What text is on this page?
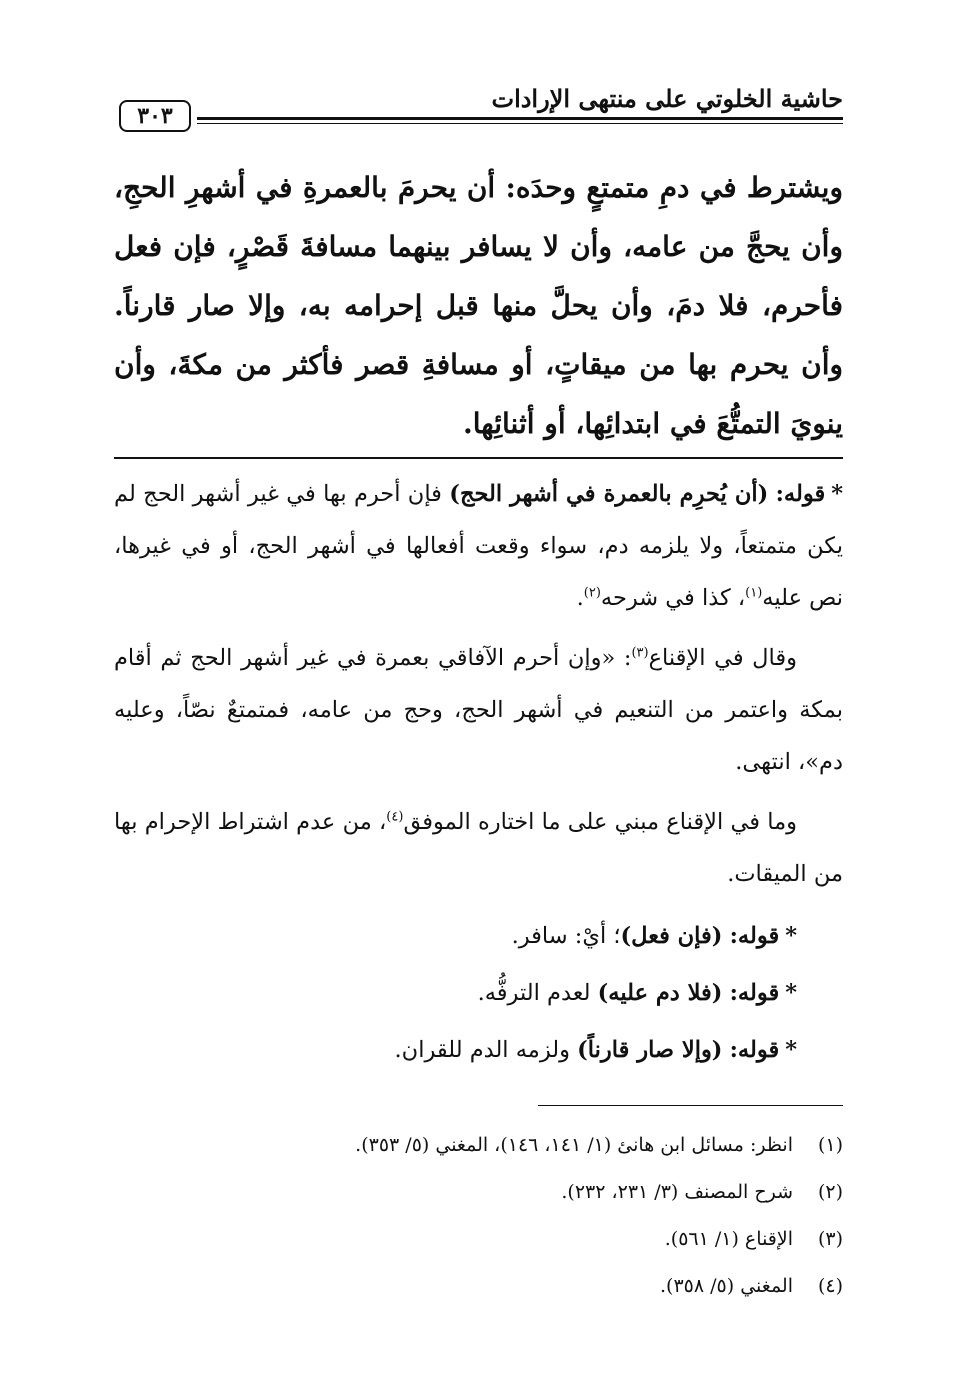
حاشية الخلوتي على منتهى الإرادات
٣٠٣

ويشترط في دمِ متمتعٍ وحدَه: أن يحرمَ بالعمرةِ في أشهرِ الحجِ، وأن يحجَّ من عامه، وأن لا يسافر بينهما مسافةَ قَصْرٍ، فإن فعل فأحرم، فلا دمَ، وأن يحلَّ منها قبل إحرامه به، وإلا صار قارناً. وأن يحرم بها من ميقاتٍ، أو مسافةِ قصر فأكثر من مكةَ، وأن ينويَ التمتُّعَ في ابتدائِها، أو أثنائِها.

*قوله: (أن يُحرِم بالعمرة في أشهر الحج) فإن أحرم بها في غير أشهر الحج لم يكن متمتعاً، ولا يلزمه دم، سواء وقعت أفعالها في أشهر الحج، أو في غيرها، نص عليه$^{(١)}$، كذا في شرحه$^{(٢)}$.

وقال في الإقناع$^{(٣)}$: «وإن أحرم الآفاقي بعمرة في غير أشهر الحج ثم أقام بمكة واعتمر من التنعيم في أشهر الحج، وحج من عامه، فمتمتعٌ نصّاً، وعليه دم»، انتهى.

وما في الإقناع مبني على ما اختاره الموفق$^{(٤)}$، من عدم اشتراط الإحرام بها من الميقات.

*قوله: (فإن فعل)؛ أيْ: سافر.

*قوله: (فلا دم عليه) لعدم الترفُّه.

*قوله: (وإلا صار قارناً) ولزمه الدم للقران.

(١)
انظر: مسائل ابن هانئ (١/ ١٤١، ١٤٦)، المغني (٥/ ٣٥٣).
(٢)
شرح المصنف (٣/ ٢٣١، ٢٣٢).
(٣)
الإقناع (١/ ٥٦١).
(٤)
المغني (٥/ ٣٥٨).
